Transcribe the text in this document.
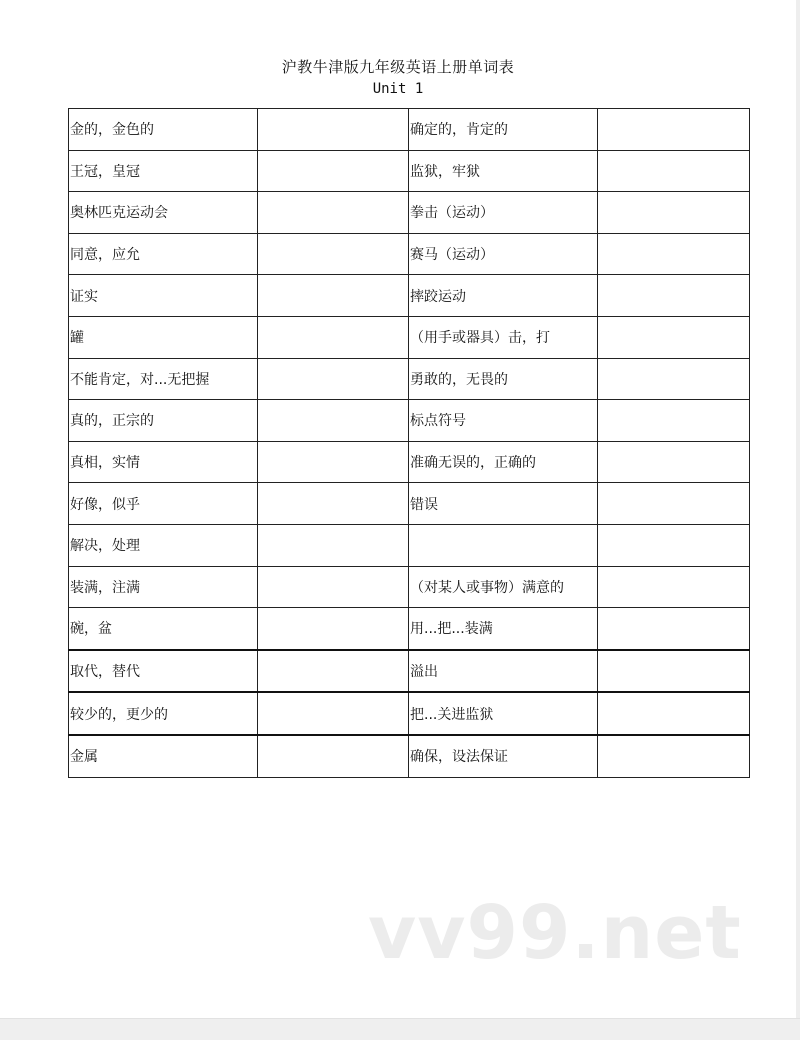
沪教牛津版九年级英语上册单词表
Unit 1
金的，金色的		确定的，肯定的	
王冠，皇冠		监狱，牢狱	
奥林匹克运动会		拳击（运动）	
同意，应允		赛马（运动）	
证实		摔跤运动	
罐		（用手或器具）击，打	
不能肯定，对...无把握		勇敢的，无畏的	
真的，正宗的		标点符号	
真相，实情		准确无误的，正确的	
好像，似乎		错误	
解决，处理			
装满，注满		（对某人或事物）满意的	
碗，盆		用...把...装满	
取代，替代		溢出	
较少的，更少的		把...关进监狱	
金属		确保，设法保证	
vv99.net
